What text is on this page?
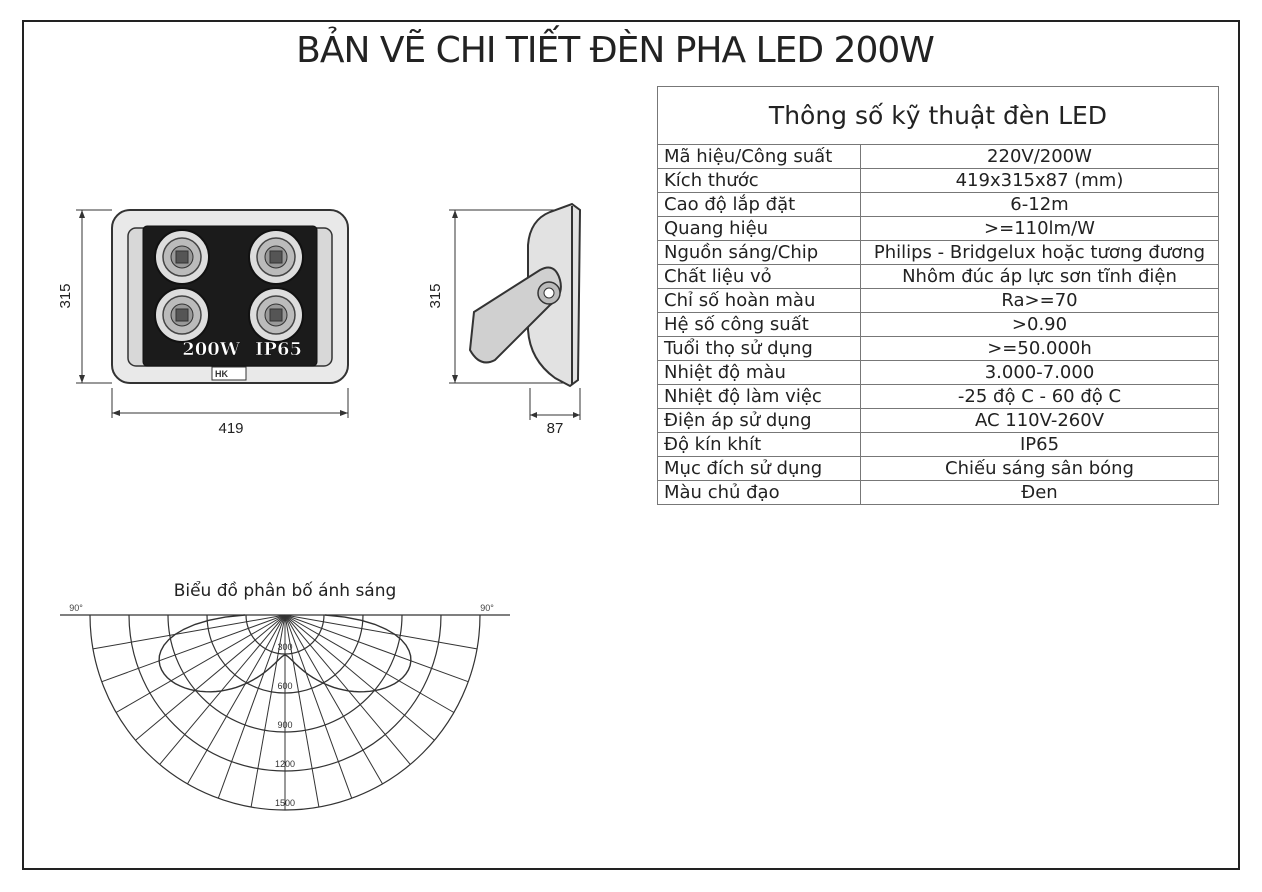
BẢN VẼ CHI TIẾT ĐÈN PHA LED 200W
Thông số kỹ thuật đèn LED	
Mã hiệu/Công suất	220V/200W
Kích thước	419x315x87 (mm)
Cao độ lắp đặt	6-12m
Quang hiệu	>=110lm/W
Nguồn sáng/Chip	Philips - Bridgelux hoặc tương đương
Chất liệu vỏ	Nhôm đúc áp lực sơn tĩnh điện
Chỉ số hoàn màu	Ra>=70
Hệ số công suất	>0.90
Tuổi thọ sử dụng	>=50.000h
Nhiệt độ màu	3.000-7.000
Nhiệt độ làm việc	-25 độ C - 60 độ C
Điện áp sử dụng	AC 110V-260V
Độ kín khít	IP65
Mục đích sử dụng	Chiếu sáng sân bóng
Màu chủ đạo	Đen
200W IP65
HK
315
419
315
87
Biểu đồ phân bố ánh sáng
90°	90°
300
600
900
1200
1500
